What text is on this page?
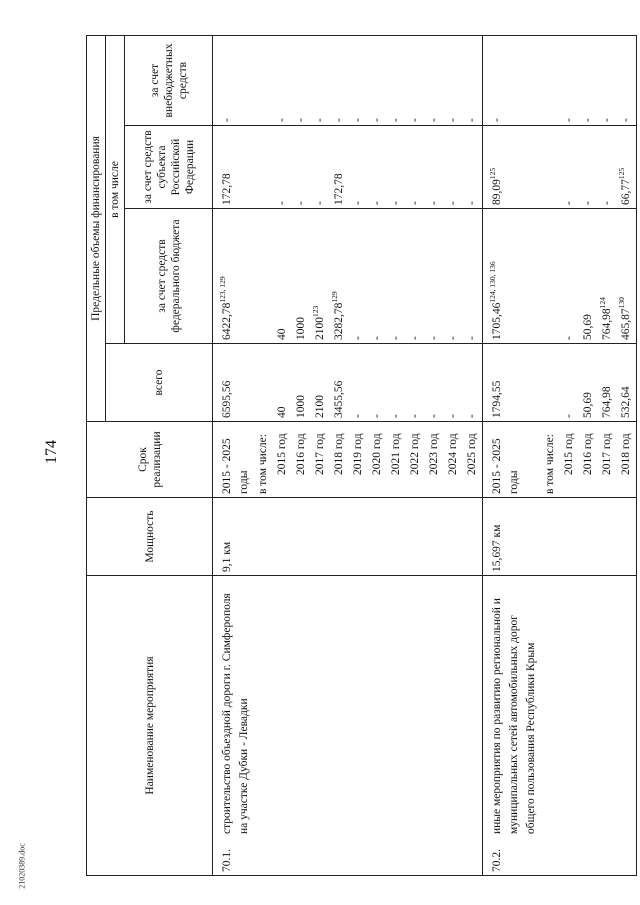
174
21020389.doc
Наименование мероприятия	Мощность	Срок реализации	Предельные объемы финансирования			
			всего	в том числе		
				за счет средств федерального бюджета	за счет средств субъекта Российской Федерации	за счет внебюджетных средств
70.1.строительство объездной дороги г. Симферополя на участке Дубки - Левадки	9,1 км	2015 - 2025 годы	6595,56	6422,78$^{123, 129}$	172,78	-
		в том числе:				
		2015 год	40	40	-	-
		2016 год	1000	1000	-	-
		2017 год	2100	2100$^{123}$	-	-
		2018 год	3455,56	3282,78$^{129}$	172,78	-
		2019 год	-	-	-	-
		2020 год	-	-	-	-
		2021 год	-	-	-	-
		2022 год	-	-	-	-
		2023 год	-	-	-	-
		2024 год	-	-	-	-
		2025 год	-	-	-	-
70.2.иные мероприятия по развитию региональной и муниципальных сетей автомобильных дорог общего пользования Республики Крым	15,697 км	2015 - 2025 годы	1794,55	1705,46$^{124, 130, 136}$	89,09$^{125}$	-
		в том числе:				
		2015 год	-	-	-	-
		2016 год	50,69	50,69	-	-
		2017 год	764,98	764,98$^{124}$	-	-
		2018 год	532,64	465,87$^{130}$	66,77$^{125}$	-
